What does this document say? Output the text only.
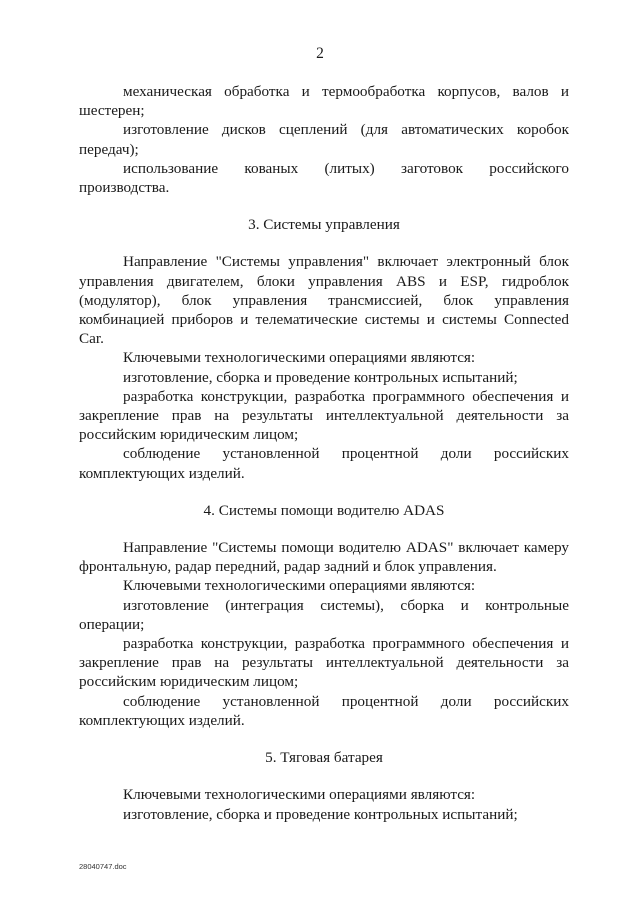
2

механическая обработка и термообработка корпусов, валов и шестерен;

изготовление дисков сцеплений (для автоматических коробок передач);

использование кованых (литых) заготовок российского производства.

3. Системы управления

Направление "Системы управления" включает электронный блок управления двигателем, блоки управления ABS и ESP, гидроблок (модулятор), блок управления трансмиссией, блок управления комбинацией приборов и телематические системы и системы Connected Car.

Ключевыми технологическими операциями являются:

изготовление, сборка и проведение контрольных испытаний;

разработка конструкции, разработка программного обеспечения и закрепление прав на результаты интеллектуальной деятельности за российским юридическим лицом;

соблюдение установленной процентной доли российских комплектующих изделий.

4. Системы помощи водителю ADAS

Направление "Системы помощи водителю ADAS" включает камеру фронтальную, радар передний, радар задний и блок управления.

Ключевыми технологическими операциями являются:

изготовление (интеграция системы), сборка и контрольные операции;

разработка конструкции, разработка программного обеспечения и закрепление прав на результаты интеллектуальной деятельности за российским юридическим лицом;

соблюдение установленной процентной доли российских комплектующих изделий.

5. Тяговая батарея

Ключевыми технологическими операциями являются:

изготовление, сборка и проведение контрольных испытаний;

28040747.doc
